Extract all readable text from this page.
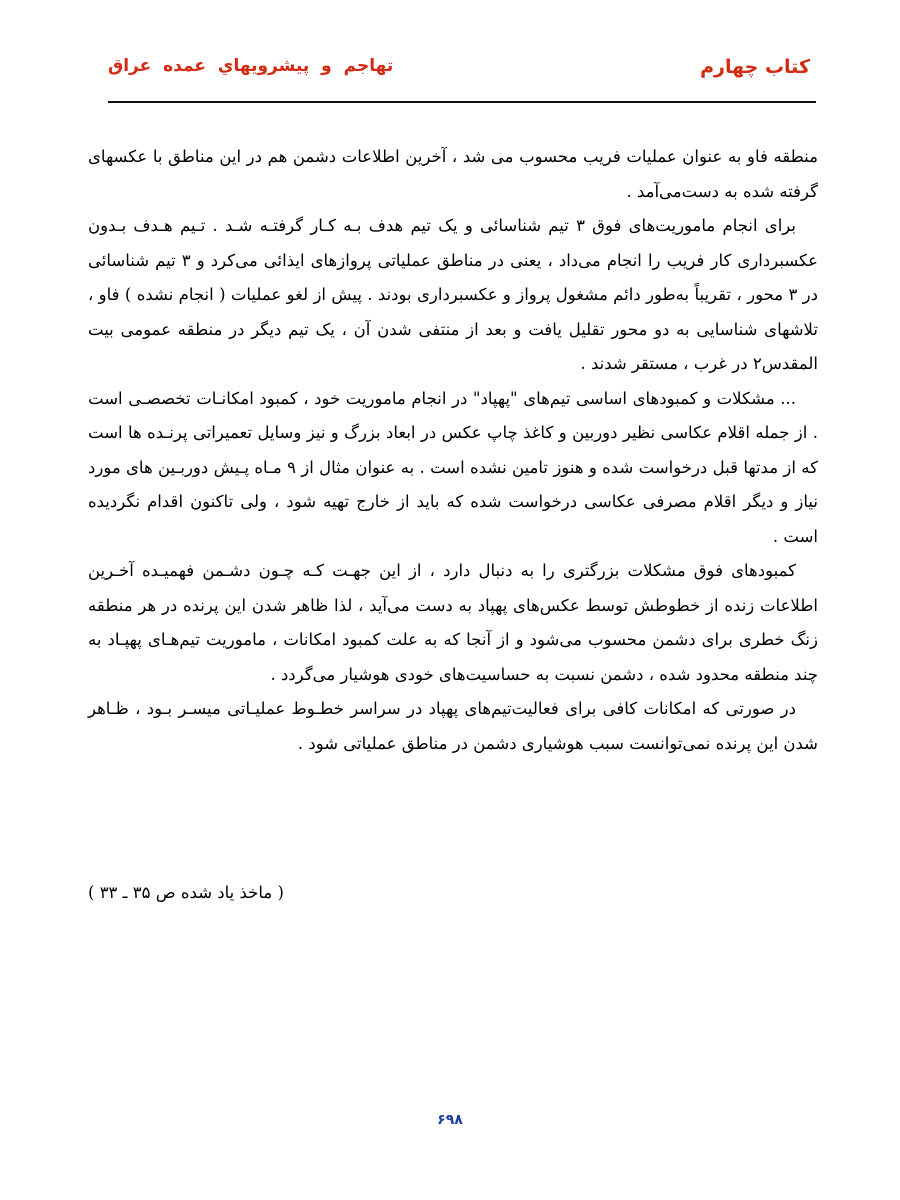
كتاب چهارم
تهاجم و پيشرويهاي عمده عراق

منطقه فاو به عنوان عملیات فریب محسوب می شد ، آخرین اطلاعات دشمن هم در این مناطق با عکسهای گرفته شده به دست‌می‌آمد .

برای انجام ماموریت‌های فوق ۳ تیم شناسائی و یک تیم هدف بـه کـار گرفتـه شـد . تـیم هـدف بـدون عکسبرداری کار فریب را انجام می‌داد ، یعنی در مناطق عملیاتی پروازهای ایذائی می‌کرد و ۳ تیم شناسائی در ۳ محور ، تقریباً به‌طور دائم مشغول پرواز و عکسبرداری بودند . پیش از لغو عملیات ( انجام نشده ) فاو ، تلاشهای شناسایی به دو محور تقلیل یافت و بعد از منتفی شدن آن ، یک تیم دیگر در منطقه عمومی بیت المقدس۲ در غرب ، مستقر شدند .

... مشکلات و کمبودهای اساسی تیم‌های "پهپاد" در انجام ماموریت خود ، کمبود امکانـات تخصصـی است . از جمله اقلام عکاسی نظیر دوربین و کاغذ چاپ عکس در ابعاد بزرگ و نیز وسایل تعمیراتی پرنـده ها است که از مدتها قبل درخواست شده و هنوز تامین نشده است . به عنوان مثال از ۹ مـاه پـیش دوربـین های مورد نیاز و دیگر اقلام مصرفی عکاسی درخواست شده که باید از خارج تهیه شود ، ولی تاکنون اقدام نگردیده است .

کمبودهای فوق مشکلات بزرگتری را به دنبال دارد ، از این جهـت کـه چـون دشـمن فهمیـده آخـرین اطلاعات زنده از خطوطش توسط عکس‌های پهپاد به دست می‌آید ، لذا ظاهر شدن این پرنده در هر منطقه زنگ خطری برای دشمن محسوب می‌شود و از آنجا که به علت کمبود امکانات ، ماموریت تیم‌هـای پهپـاد به چند منطقه محدود شده ، دشمن نسبت به حساسیت‌های خودی هوشیار می‌گردد .

در صورتی که امکانات کافی برای فعالیت‌تیم‌های پهپاد در سراسر خطـوط عملیـاتی میسـر بـود ، ظـاهر شدن این پرنده نمی‌توانست سبب هوشیاری دشمن در مناطق عملیاتی شود .

( ماخذ یاد شده ص ۳۵ ـ ۳۳ )
۶۹۸
